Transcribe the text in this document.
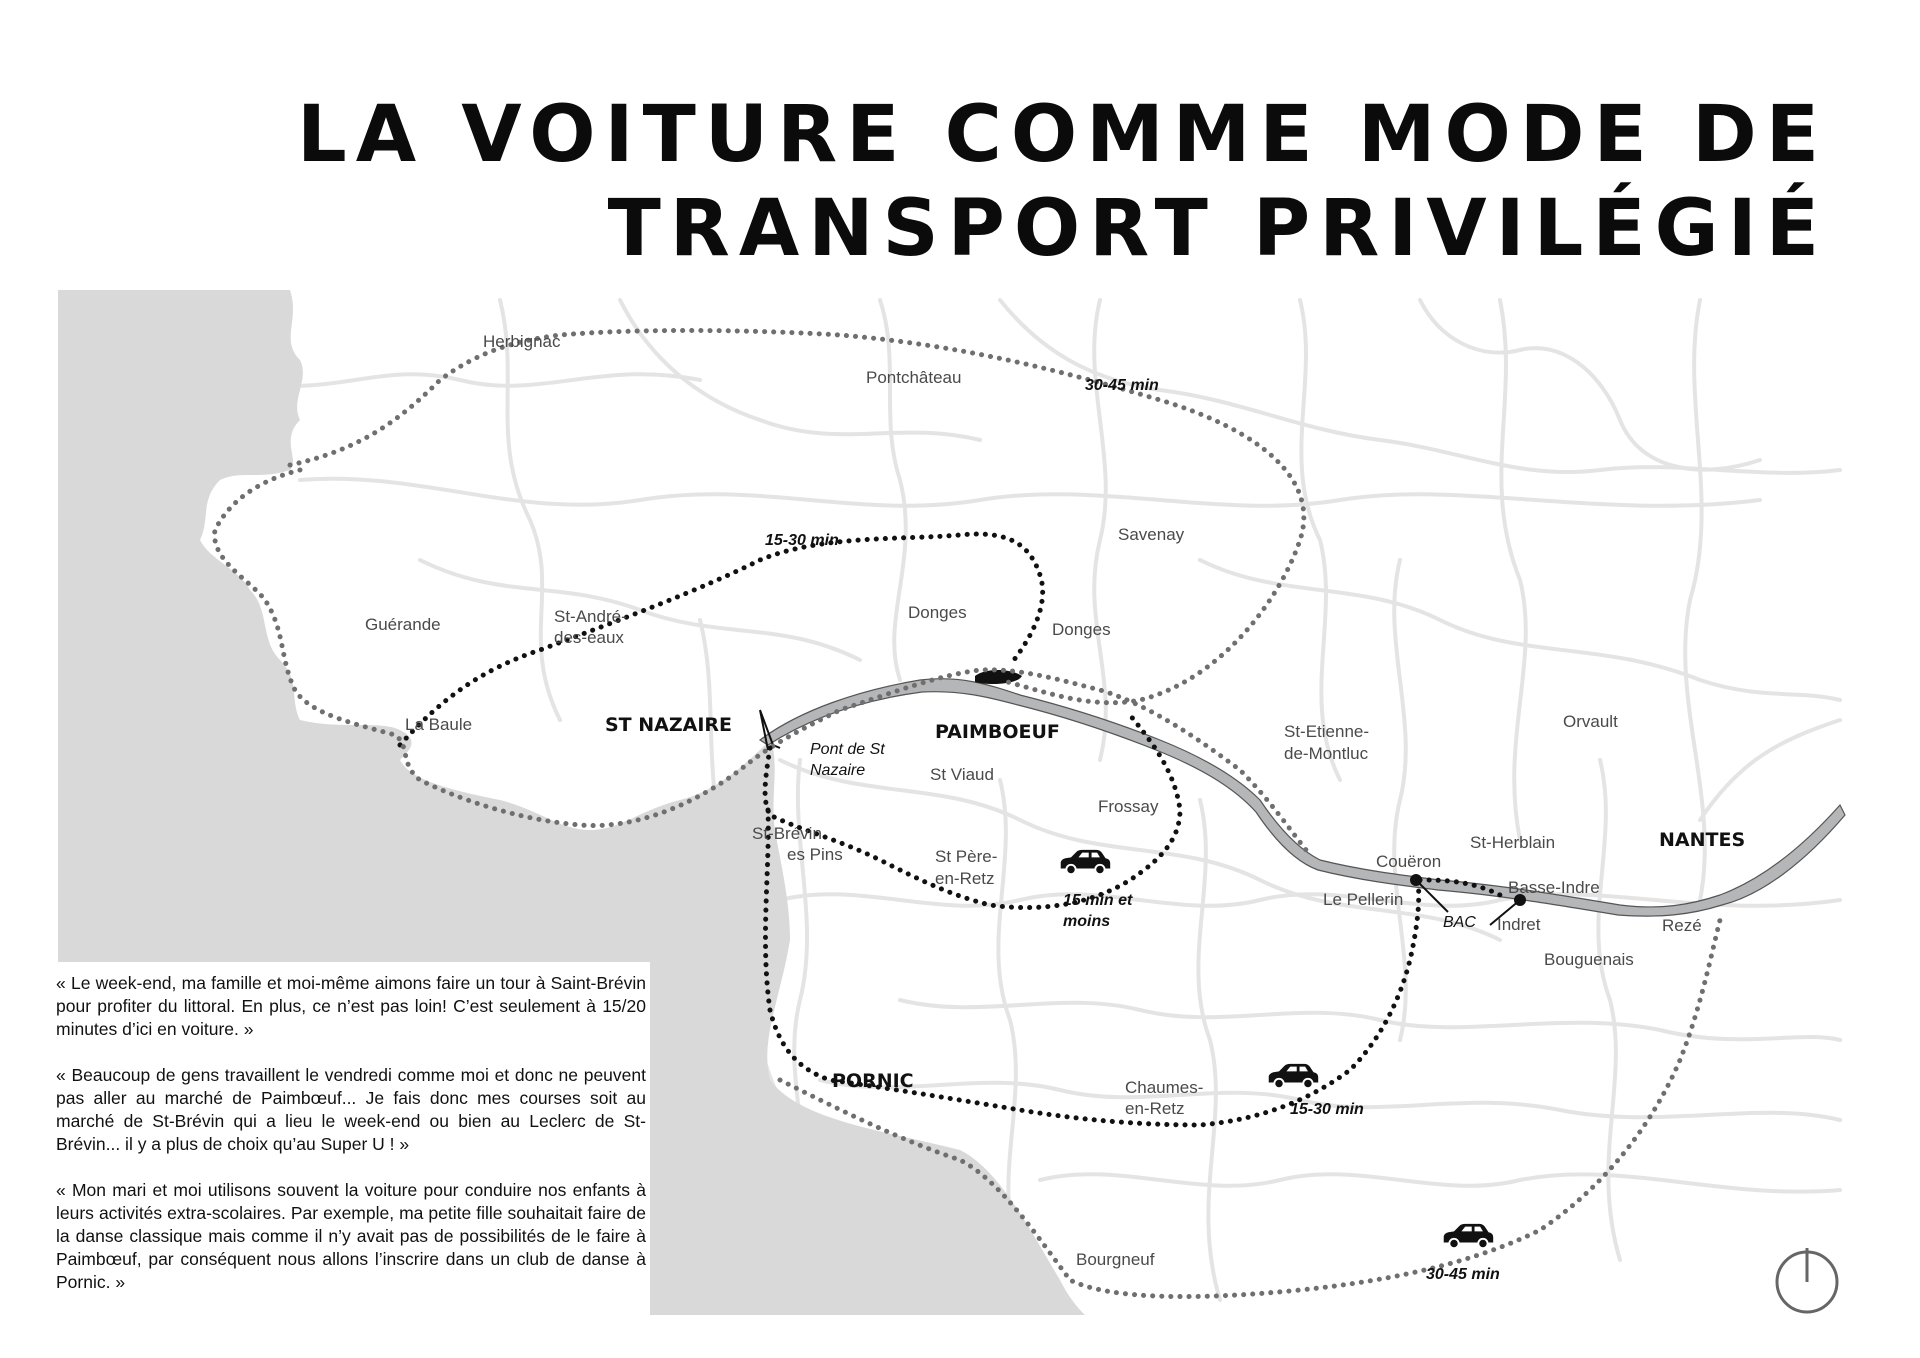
LA VOITURE COMME MODE DE
TRANSPORT PRIVILÉGIÉ
Herbignac
Pontchâteau
Savenay
Guérande	St-André-
des-eaux
Donges
Donges
La Baule	ST NAZAIRE	PAIMBOEUF
St Viaud
Frossay
St-Brévin
es Pins	St Père-
en-Retz
St-Etienne-
de-Montluc
Orvault
St-Herblain	NANTES
Couëron
Le Pellerin
Basse-Indre
Indret	Rezé
Bouguenais
PORNIC	Chaumes-
en-Retz
Bourgneuf
Pont de St
Nazaire
BAC
30-45 min
15-30 min
15 min et
moins
15-30 min
30-45 min

« Le week-end, ma famille et moi-même aimons faire un tour à Saint-Brévin pour profiter du littoral. En plus, ce n’est pas loin! C’est seulement à 15/20 minutes d’ici en voiture. »

« Beaucoup de gens travaillent le vendredi comme moi et donc ne peuvent pas aller au marché de Paimbœuf... Je fais donc mes courses soit au marché de St-Brévin qui a lieu le week-end ou bien au Leclerc de St-Brévin... il y a plus de choix qu’au Super U ! »

« Mon mari et moi utilisons souvent la voiture pour conduire nos enfants à leurs activités extra-scolaires. Par exemple, ma petite fille souhaitait faire de la danse classique mais comme il n’y avait pas de possibilités de le faire à Paimbœuf, par conséquent nous allons l’inscrire dans un club de danse à Pornic. »
